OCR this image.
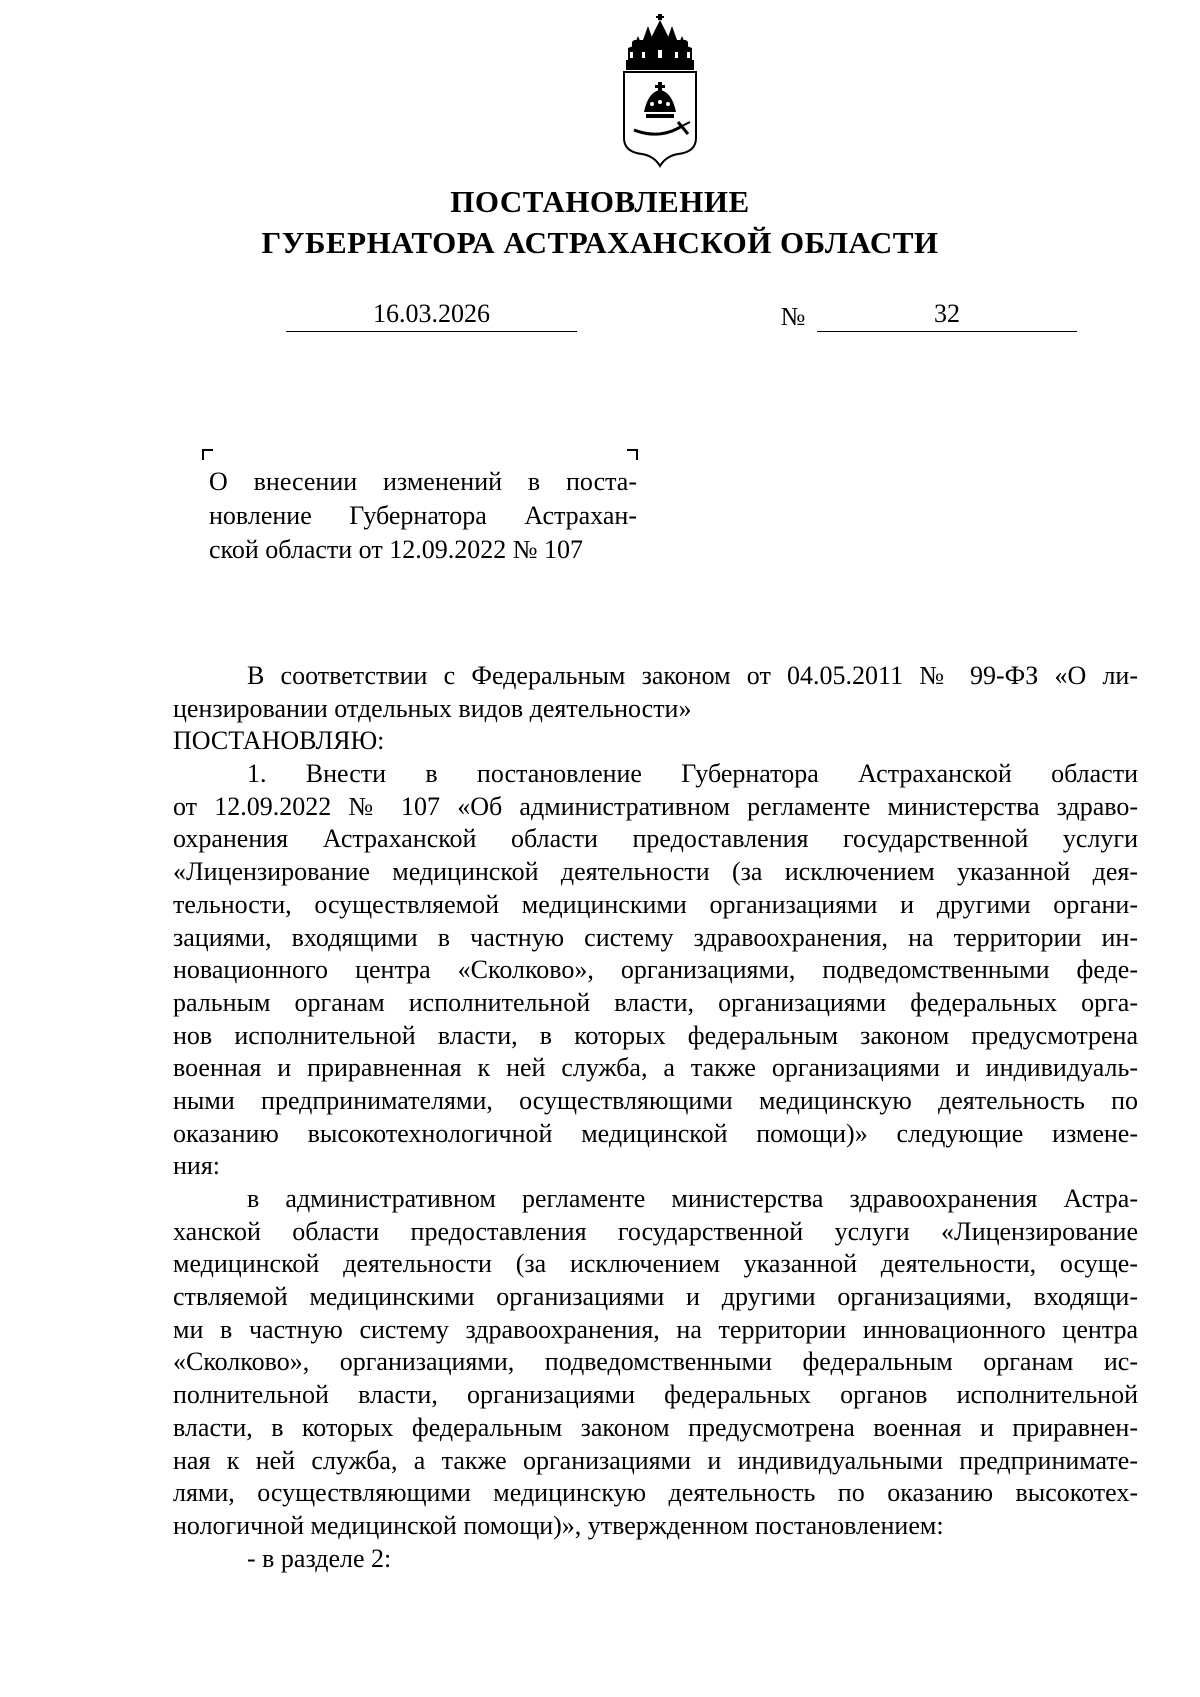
ПОСТАНОВЛЕНИЕ
ГУБЕРНАТОРА АСТРАХАНСКОЙ ОБЛАСТИ
16.03.2026	№	32
О внесении изменений в поста-
новление Губернатора Астрахан-
ской области от 12.09.2022 № 107
В соответствии с Федеральным законом от 04.05.2011 № 99-ФЗ «О ли-
цензировании отдельных видов деятельности»
ПОСТАНОВЛЯЮ:
1. Внести в постановление Губернатора Астраханской области
от 12.09.2022 № 107 «Об административном регламенте министерства здраво-
охранения Астраханской области предоставления государственной услуги
«Лицензирование медицинской деятельности (за исключением указанной дея-
тельности, осуществляемой медицинскими организациями и другими органи-
зациями, входящими в частную систему здравоохранения, на территории ин-
новационного центра «Сколково», организациями, подведомственными феде-
ральным органам исполнительной власти, организациями федеральных орга-
нов исполнительной власти, в которых федеральным законом предусмотрена
военная и приравненная к ней служба, а также организациями и индивидуаль-
ными предпринимателями, осуществляющими медицинскую деятельность по
оказанию высокотехнологичной медицинской помощи)» следующие измене-
ния:
в административном регламенте министерства здравоохранения Астра-
ханской области предоставления государственной услуги «Лицензирование
медицинской деятельности (за исключением указанной деятельности, осуще-
ствляемой медицинскими организациями и другими организациями, входящи-
ми в частную систему здравоохранения, на территории инновационного центра
«Сколково», организациями, подведомственными федеральным органам ис-
полнительной власти, организациями федеральных органов исполнительной
власти, в которых федеральным законом предусмотрена военная и приравнен-
ная к ней служба, а также организациями и индивидуальными предпринимате-
лями, осуществляющими медицинскую деятельность по оказанию высокотех-
нологичной медицинской помощи)», утвержденном постановлением:
- в разделе 2:
